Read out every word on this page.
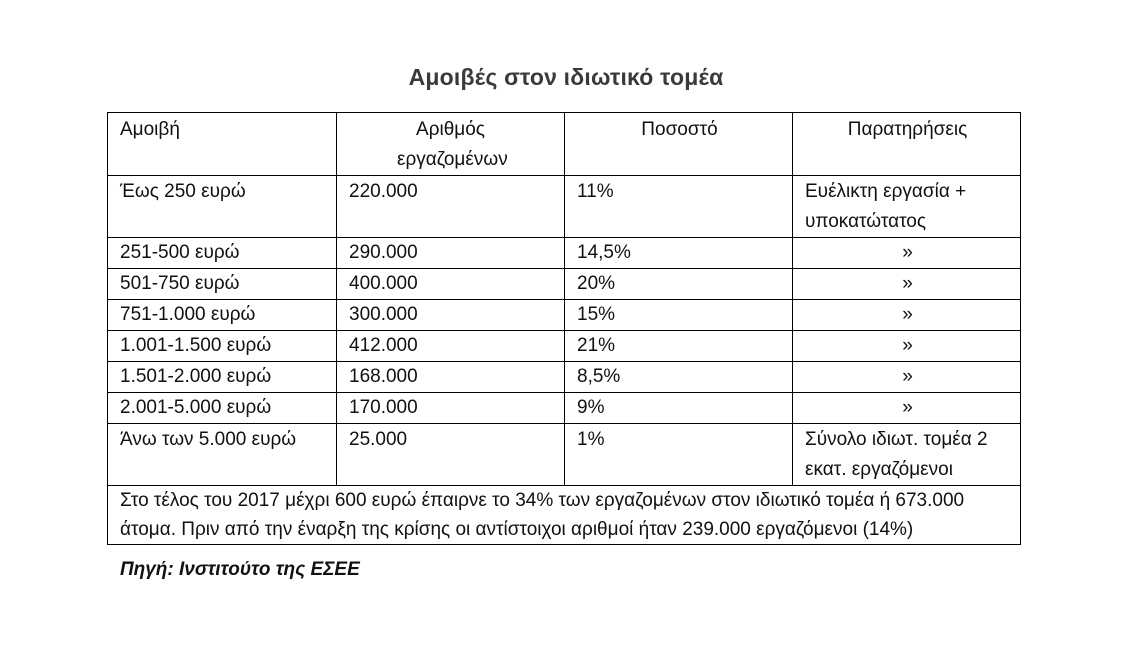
Αμοιβές στον ιδιωτικό τομέα
Αμοιβή	Αριθμός εργαζομένων	Ποσοστό	Παρατηρήσεις
Έως 250 ευρώ	220.000	11%	Ευέλικτη εργασία + υποκατώτατος
251-500 ευρώ	290.000	14,5%	»
501-750 ευρώ	400.000	20%	»
751-1.000 ευρώ	300.000	15%	»
1.001-1.500 ευρώ	412.000	21%	»
1.501-2.000 ευρώ	168.000	8,5%	»
2.001-5.000 ευρώ	170.000	9%	»
Άνω των 5.000 ευρώ	25.000	1%	Σύνολο ιδιωτ. τομέα 2 εκατ. εργαζόμενοι
Στο τέλος του 2017 μέχρι 600 ευρώ έπαιρνε το 34% των εργαζομένων στον ιδιωτικό τομέα ή 673.000 άτομα. Πριν από την έναρξη της κρίσης οι αντίστοιχοι αριθμοί ήταν 239.000 εργαζόμενοι (14%)			
Πηγή: Ινστιτούτο της ΕΣΕΕ
